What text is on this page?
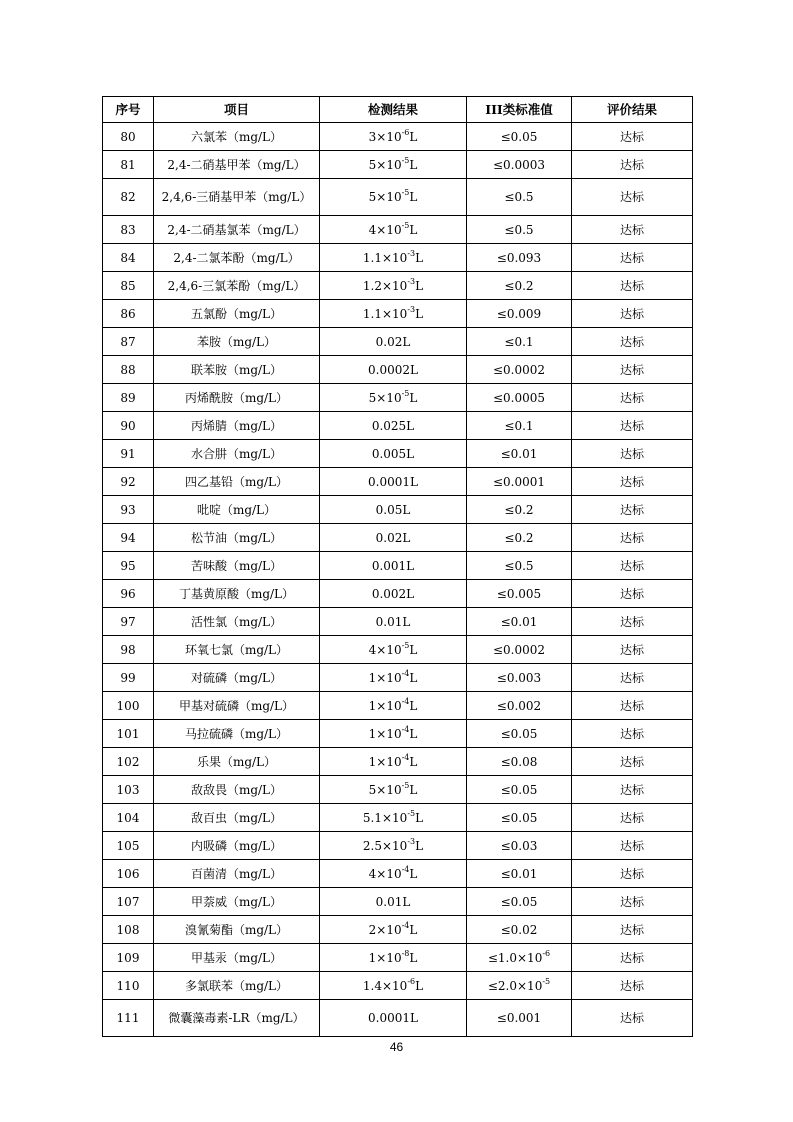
序号	项目	检测结果	III类标准值	评价结果
80	六氯苯（mg/L）	$3\times 10^{-6}L$	≤0.05	达标
81	2,4-二硝基甲苯（mg/L）	$5\times 10^{-5}L$	≤0.0003	达标
82	2,4,6-三硝基甲苯（mg/L）	$5\times 10^{-5}L$	≤0.5	达标
83	2,4-二硝基氯苯（mg/L）	$4\times 10^{-5}L$	≤0.5	达标
84	2,4-二氯苯酚（mg/L）	$1.1\times 10^{-3}L$	≤0.093	达标
85	2,4,6-三氯苯酚（mg/L）	$1.2\times 10^{-3}L$	≤0.2	达标
86	五氯酚（mg/L）	$1.1\times 10^{-3}L$	≤0.009	达标
87	苯胺（mg/L）	0.02L	≤0.1	达标
88	联苯胺（mg/L）	0.0002L	≤0.0002	达标
89	丙烯酰胺（mg/L）	$5\times 10^{-5}L$	≤0.0005	达标
90	丙烯腈（mg/L）	0.025L	≤0.1	达标
91	水合肼（mg/L）	0.005L	≤0.01	达标
92	四乙基铅（mg/L）	0.0001L	≤0.0001	达标
93	吡啶（mg/L）	0.05L	≤0.2	达标
94	松节油（mg/L）	0.02L	≤0.2	达标
95	苦味酸（mg/L）	0.001L	≤0.5	达标
96	丁基黄原酸（mg/L）	0.002L	≤0.005	达标
97	活性氯（mg/L）	0.01L	≤0.01	达标
98	环氧七氯（mg/L）	$4\times 10^{-5}L$	≤0.0002	达标
99	对硫磷（mg/L）	$1\times 10^{-4}L$	≤0.003	达标
100	甲基对硫磷（mg/L）	$1\times 10^{-4}L$	≤0.002	达标
101	马拉硫磷（mg/L）	$1\times 10^{-4}L$	≤0.05	达标
102	乐果（mg/L）	$1\times 10^{-4}L$	≤0.08	达标
103	敌敌畏（mg/L）	$5\times 10^{-5}L$	≤0.05	达标
104	敌百虫（mg/L）	$5.1\times 10^{-5}L$	≤0.05	达标
105	内吸磷（mg/L）	$2.5\times 10^{-3}L$	≤0.03	达标
106	百菌清（mg/L）	$4\times 10^{-4}L$	≤0.01	达标
107	甲萘威（mg/L）	0.01L	≤0.05	达标
108	溴氰菊酯（mg/L）	$2\times 10^{-4}L$	≤0.02	达标
109	甲基汞（mg/L）	$1\times 10^{-8}L$	$\le 1.0\times 10^{-6}$	达标
110	多氯联苯（mg/L）	$1.4\times 10^{-6}L$	$\le 2.0\times 10^{-5}$	达标
111	微囊藻毒素-LR（mg/L）	0.0001L	≤0.001	达标
46
